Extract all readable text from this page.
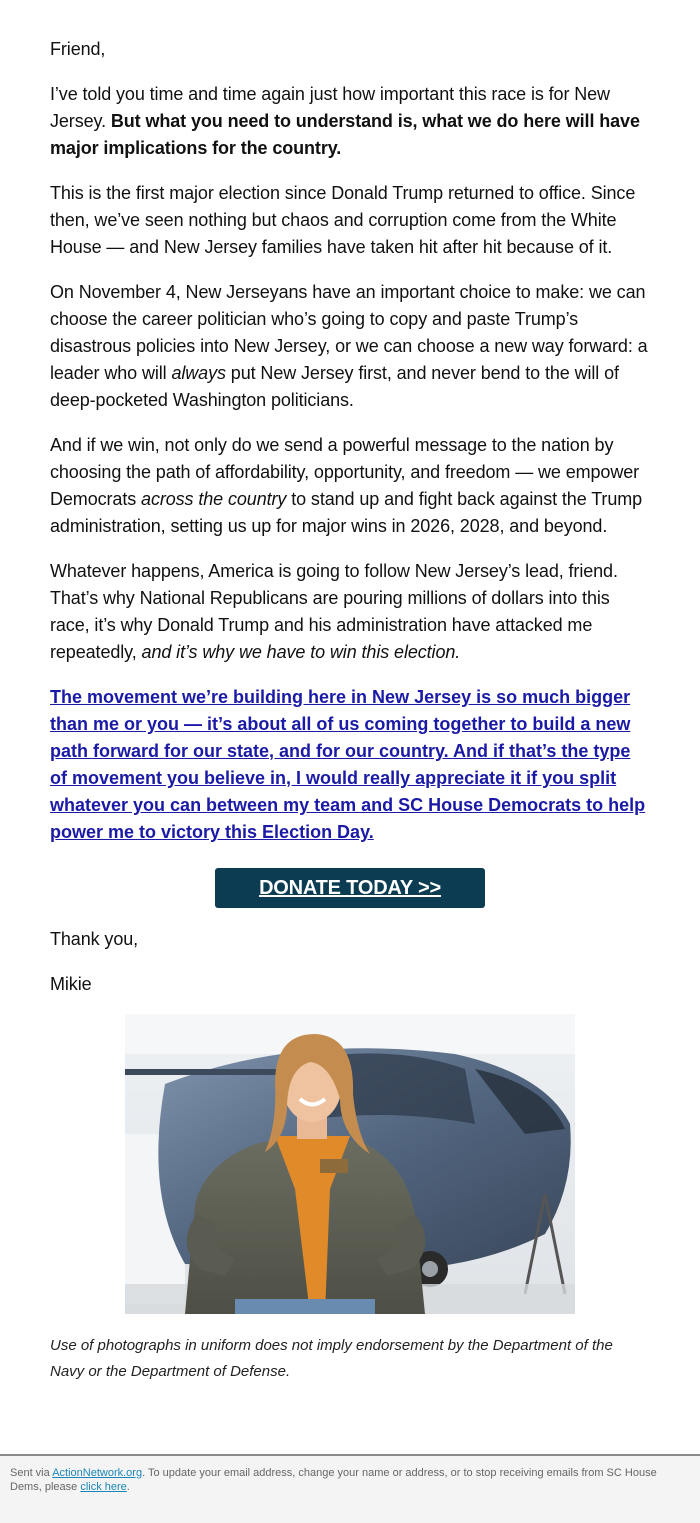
Friend,

I’ve told you time and time again just how important this race is for New Jersey. But what you need to understand is, what we do here will have major implications for the country.

This is the first major election since Donald Trump returned to office. Since then, we’ve seen nothing but chaos and corruption come from the White House — and New Jersey families have taken hit after hit because of it.

On November 4, New Jerseyans have an important choice to make: we can choose the career politician who’s going to copy and paste Trump’s disastrous policies into New Jersey, or we can choose a new way forward: a leader who will always put New Jersey first, and never bend to the will of deep-pocketed Washington politicians.

And if we win, not only do we send a powerful message to the nation by choosing the path of affordability, opportunity, and freedom — we empower Democrats across the country to stand up and fight back against the Trump administration, setting us up for major wins in 2026, 2028, and beyond.

Whatever happens, America is going to follow New Jersey’s lead, friend. That’s why National Republicans are pouring millions of dollars into this race, it’s why Donald Trump and his administration have attacked me repeatedly, and it’s why we have to win this election.

The movement we’re building here in New Jersey is so much bigger than me or you — it’s about all of us coming together to build a new path forward for our state, and for our country. And if that’s the type of movement you believe in, I would really appreciate it if you split whatever you can between my team and SC House Democrats to help power me to victory this Election Day.
DONATE TODAY >>

Thank you,

Mikie

Use of photographs in uniform does not imply endorsement by the Department of the Navy or the Department of Defense.
Sent via ActionNetwork.org. To update your email address, change your name or address, or to stop receiving emails from SC House Dems, please click here.
